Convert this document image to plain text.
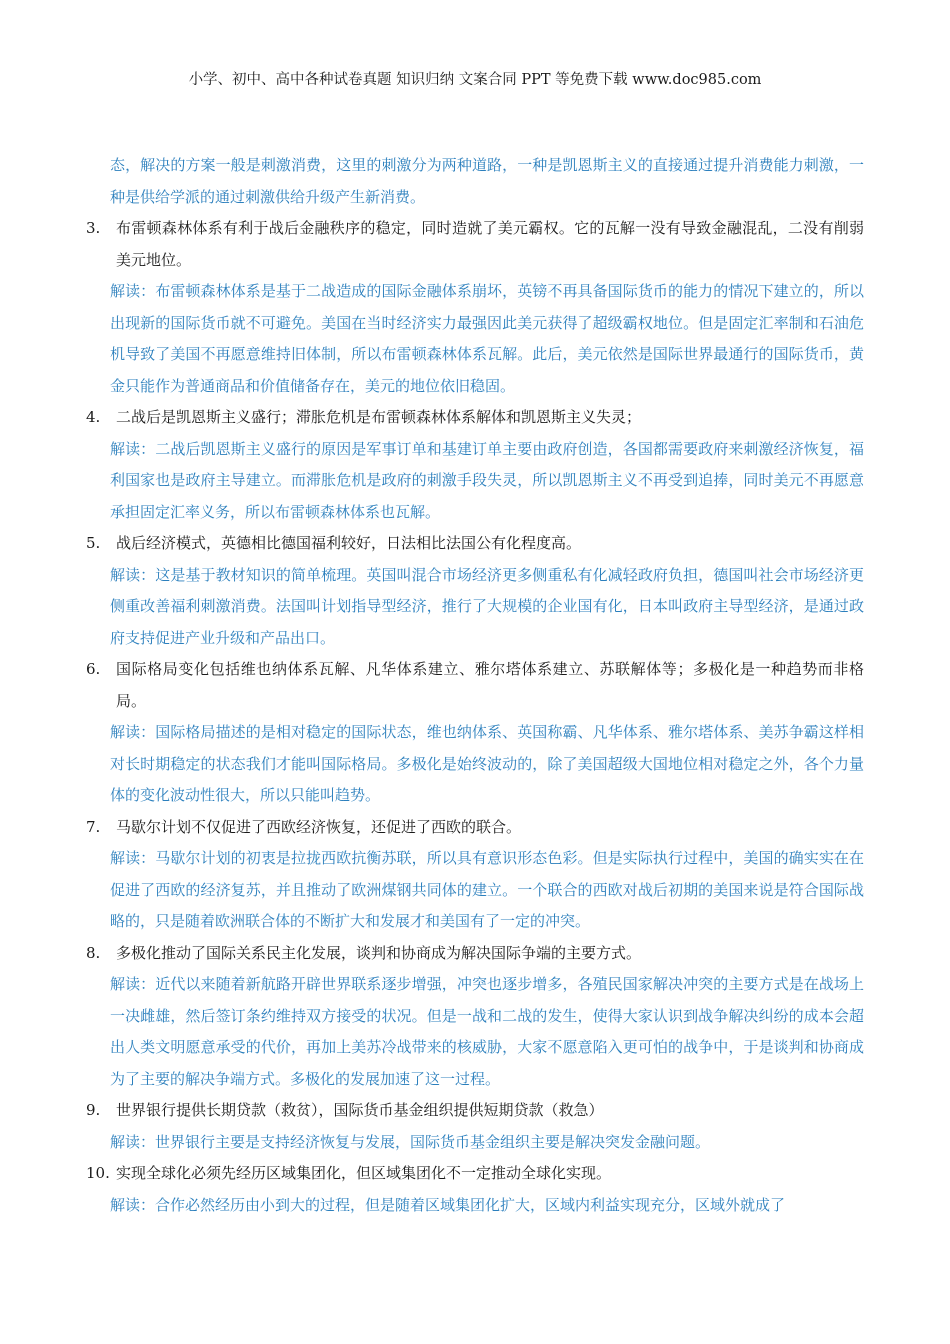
小学、初中、高中各种试卷真题 知识归纳 文案合同 PPT 等免费下载 www.doc985.com
态，解决的方案一般是刺激消费，这里的刺激分为两种道路，一种是凯恩斯主义的直接通过提升消费能力刺激，一种是供给学派的通过刺激供给升级产生新消费。
3.	布雷顿森林体系有利于战后金融秩序的稳定，同时造就了美元霸权。它的瓦解一没有导致金融混乱，二没有削弱美元地位。
解读：布雷顿森林体系是基于二战造成的国际金融体系崩坏，英镑不再具备国际货币的能力的情况下建立的，所以出现新的国际货币就不可避免。美国在当时经济实力最强因此美元获得了超级霸权地位。但是固定汇率制和石油危机导致了美国不再愿意维持旧体制，所以布雷顿森林体系瓦解。此后，美元依然是国际世界最通行的国际货币，黄金只能作为普通商品和价值储备存在，美元的地位依旧稳固。
4.	二战后是凯恩斯主义盛行；滞胀危机是布雷顿森林体系解体和凯恩斯主义失灵；
解读：二战后凯恩斯主义盛行的原因是军事订单和基建订单主要由政府创造，各国都需要政府来刺激经济恢复，福利国家也是政府主导建立。而滞胀危机是政府的刺激手段失灵，所以凯恩斯主义不再受到追捧，同时美元不再愿意承担固定汇率义务，所以布雷顿森林体系也瓦解。
5.	战后经济模式，英德相比德国福利较好，日法相比法国公有化程度高。
解读：这是基于教材知识的简单梳理。英国叫混合市场经济更多侧重私有化减轻政府负担，德国叫社会市场经济更侧重改善福利刺激消费。法国叫计划指导型经济，推行了大规模的企业国有化，日本叫政府主导型经济，是通过政府支持促进产业升级和产品出口。
6.	国际格局变化包括维也纳体系瓦解、凡华体系建立、雅尔塔体系建立、苏联解体等；多极化是一种趋势而非格局。
解读：国际格局描述的是相对稳定的国际状态，维也纳体系、英国称霸、凡华体系、雅尔塔体系、美苏争霸这样相对长时期稳定的状态我们才能叫国际格局。多极化是始终波动的，除了美国超级大国地位相对稳定之外，各个力量体的变化波动性很大，所以只能叫趋势。
7.	马歇尔计划不仅促进了西欧经济恢复，还促进了西欧的联合。
解读：马歇尔计划的初衷是拉拢西欧抗衡苏联，所以具有意识形态色彩。但是实际执行过程中，美国的确实实在在促进了西欧的经济复苏，并且推动了欧洲煤钢共同体的建立。一个联合的西欧对战后初期的美国来说是符合国际战略的，只是随着欧洲联合体的不断扩大和发展才和美国有了一定的冲突。
8.	多极化推动了国际关系民主化发展，谈判和协商成为解决国际争端的主要方式。
解读：近代以来随着新航路开辟世界联系逐步增强，冲突也逐步增多，各殖民国家解决冲突的主要方式是在战场上一决雌雄，然后签订条约维持双方接受的状况。但是一战和二战的发生，使得大家认识到战争解决纠纷的成本会超出人类文明愿意承受的代价，再加上美苏冷战带来的核威胁，大家不愿意陷入更可怕的战争中，于是谈判和协商成为了主要的解决争端方式。多极化的发展加速了这一过程。
9.	世界银行提供长期贷款（救贫），国际货币基金组织提供短期贷款（救急）
解读：世界银行主要是支持经济恢复与发展，国际货币基金组织主要是解决突发金融问题。
10. 实现全球化必须先经历区域集团化，但区域集团化不一定推动全球化实现。
解读：合作必然经历由小到大的过程，但是随着区域集团化扩大，区域内利益实现充分，区域外就成了
